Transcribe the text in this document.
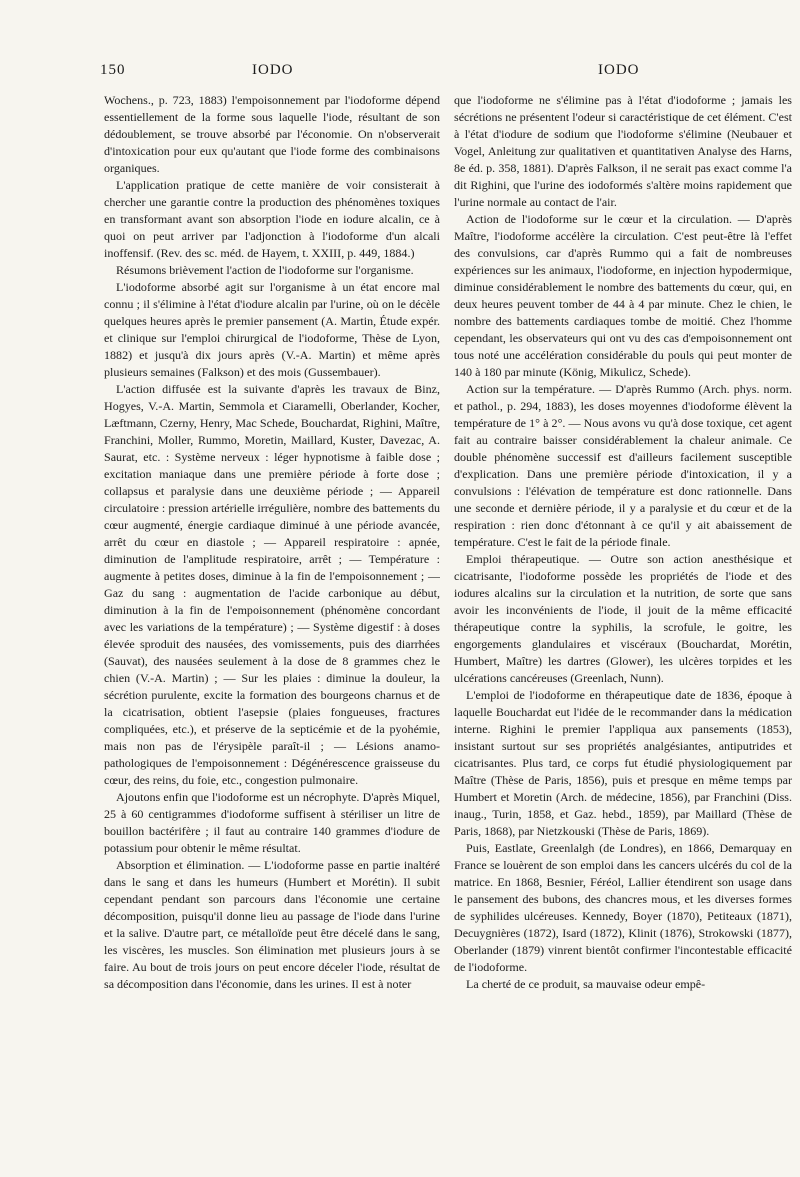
150	IODO	IODO

Wochens., p. 723, 1883) l'empoisonnement par l'iodoforme dépend essentiellement de la forme sous laquelle l'iode, résultant de son dédoublement, se trouve absorbé par l'économie. On n'observerait d'intoxication pour eux qu'autant que l'iode forme des combinaisons organiques.

L'application pratique de cette manière de voir consisterait à chercher une garantie contre la production des phénomènes toxiques en transformant avant son absorption l'iode en iodure alcalin, ce à quoi on peut arriver par l'adjonction à l'iodoforme d'un alcali inoffensif. (Rev. des sc. méd. de Hayem, t. XXIII, p. 449, 1884.)

Résumons brièvement l'action de l'iodoforme sur l'organisme.

L'iodoforme absorbé agit sur l'organisme à un état encore mal connu ; il s'élimine à l'état d'iodure alcalin par l'urine, où on le décèle quelques heures après le premier pansement (A. Martin, Étude expér. et clinique sur l'emploi chirurgical de l'iodoforme, Thèse de Lyon, 1882) et jusqu'à dix jours après (V.-A. Martin) et même après plusieurs semaines (Falkson) et des mois (Gussembauer).

L'action diffusée est la suivante d'après les travaux de Binz, Hogyes, V.-A. Martin, Semmola et Ciaramelli, Oberlander, Kocher, Læftmann, Czerny, Henry, Mac Schede, Bouchardat, Righini, Maître, Franchini, Moller, Rummo, Moretin, Maillard, Kuster, Davezac, A. Saurat, etc. : Système nerveux : léger hypnotisme à faible dose ; excitation maniaque dans une première période à forte dose ; collapsus et paralysie dans une deuxième période ; — Appareil circulatoire : pression artérielle irrégulière, nombre des battements du cœur augmenté, énergie cardiaque diminué à une période avancée, arrêt du cœur en diastole ; — Appareil respiratoire : apnée, diminution de l'amplitude respiratoire, arrêt ; — Température : augmente à petites doses, diminue à la fin de l'empoisonnement ; — Gaz du sang : augmentation de l'acide carbonique au début, diminution à la fin de l'empoisonnement (phénomène concordant avec les variations de la température) ; — Système digestif : à doses élevée sproduit des nausées, des vomissements, puis des diarrhées (Sauvat), des nausées seulement à la dose de 8 grammes chez le chien (V.-A. Martin) ; — Sur les plaies : diminue la douleur, la sécrétion purulente, excite la formation des bourgeons charnus et de la cicatrisation, obtient l'asepsie (plaies fongueuses, fractures compliquées, etc.), et préserve de la septicémie et de la pyohémie, mais non pas de l'érysipèle paraît-il ; — Lésions anamo-pathologiques de l'empoisonnement : Dégénérescence graisseuse du cœur, des reins, du foie, etc., congestion pulmonaire.

Ajoutons enfin que l'iodoforme est un nécrophyte. D'après Miquel, 25 à 60 centigrammes d'iodoforme suffisent à stériliser un litre de bouillon bactérifère ; il faut au contraire 140 grammes d'iodure de potassium pour obtenir le même résultat.

Absorption et élimination. — L'iodoforme passe en partie inaltéré dans le sang et dans les humeurs (Humbert et Morétin). Il subit cependant pendant son parcours dans l'économie une certaine décomposition, puisqu'il donne lieu au passage de l'iode dans l'urine et la salive. D'autre part, ce métalloïde peut être décelé dans le sang, les viscères, les muscles. Son élimination met plusieurs jours à se faire. Au bout de trois jours on peut encore déceler l'iode, résultat de sa décomposition dans l'économie, dans les urines. Il est à noter

que l'iodoforme ne s'élimine pas à l'état d'iodoforme ; jamais les sécrétions ne présentent l'odeur si caractéristique de cet élément. C'est à l'état d'iodure de sodium que l'iodoforme s'élimine (Neubauer et Vogel, Anleitung zur qualitativen et quantitativen Analyse des Harns, 8e éd. p. 358, 1881). D'après Falkson, il ne serait pas exact comme l'a dit Righini, que l'urine des iodoformés s'altère moins rapidement que l'urine normale au contact de l'air.

Action de l'iodoforme sur le cœur et la circulation. — D'après Maître, l'iodoforme accélère la circulation. C'est peut-être là l'effet des convulsions, car d'après Rummo qui a fait de nombreuses expériences sur les animaux, l'iodoforme, en injection hypodermique, diminue considérablement le nombre des battements du cœur, qui, en deux heures peuvent tomber de 44 à 4 par minute. Chez le chien, le nombre des battements cardiaques tombe de moitié. Chez l'homme cependant, les observateurs qui ont vu des cas d'empoisonnement ont tous noté une accélération considérable du pouls qui peut monter de 140 à 180 par minute (König, Mikulicz, Schede).

Action sur la température. — D'après Rummo (Arch. phys. norm. et pathol., p. 294, 1883), les doses moyennes d'iodoforme élèvent la température de 1° à 2°. — Nous avons vu qu'à dose toxique, cet agent fait au contraire baisser considérablement la chaleur animale. Ce double phénomène successif est d'ailleurs facilement susceptible d'explication. Dans une première période d'intoxication, il y a convulsions : l'élévation de température est donc rationnelle. Dans une seconde et dernière période, il y a paralysie et du cœur et de la respiration : rien donc d'étonnant à ce qu'il y ait abaissement de température. C'est le fait de la période finale.

Emploi thérapeutique. — Outre son action anesthésique et cicatrisante, l'iodoforme possède les propriétés de l'iode et des iodures alcalins sur la circulation et la nutrition, de sorte que sans avoir les inconvénients de l'iode, il jouit de la même efficacité thérapeutique contre la syphilis, la scrofule, le goitre, les engorgements glandulaires et viscéraux (Bouchardat, Morétin, Humbert, Maître) les dartres (Glower), les ulcères torpides et les ulcérations cancéreuses (Greenlach, Nunn).

L'emploi de l'iodoforme en thérapeutique date de 1836, époque à laquelle Bouchardat eut l'idée de le recommander dans la médication interne. Righini le premier l'appliqua aux pansements (1853), insistant surtout sur ses propriétés analgésiantes, antiputrides et cicatrisantes. Plus tard, ce corps fut étudié physiologiquement par Maître (Thèse de Paris, 1856), puis et presque en même temps par Humbert et Moretin (Arch. de médecine, 1856), par Franchini (Diss. inaug., Turin, 1858, et Gaz. hebd., 1859), par Maillard (Thèse de Paris, 1868), par Nietzkouski (Thèse de Paris, 1869).

Puis, Eastlate, Greenlalgh (de Londres), en 1866, Demarquay en France se louèrent de son emploi dans les cancers ulcérés du col de la matrice. En 1868, Besnier, Féréol, Lallier étendirent son usage dans le pansement des bubons, des chancres mous, et les diverses formes de syphilides ulcéreuses. Kennedy, Boyer (1870), Petiteaux (1871), Decuygnières (1872), Isard (1872), Klinit (1876), Strokowski (1877), Oberlander (1879) vinrent bientôt confirmer l'incontestable efficacité de l'iodoforme.

La cherté de ce produit, sa mauvaise odeur empê-
